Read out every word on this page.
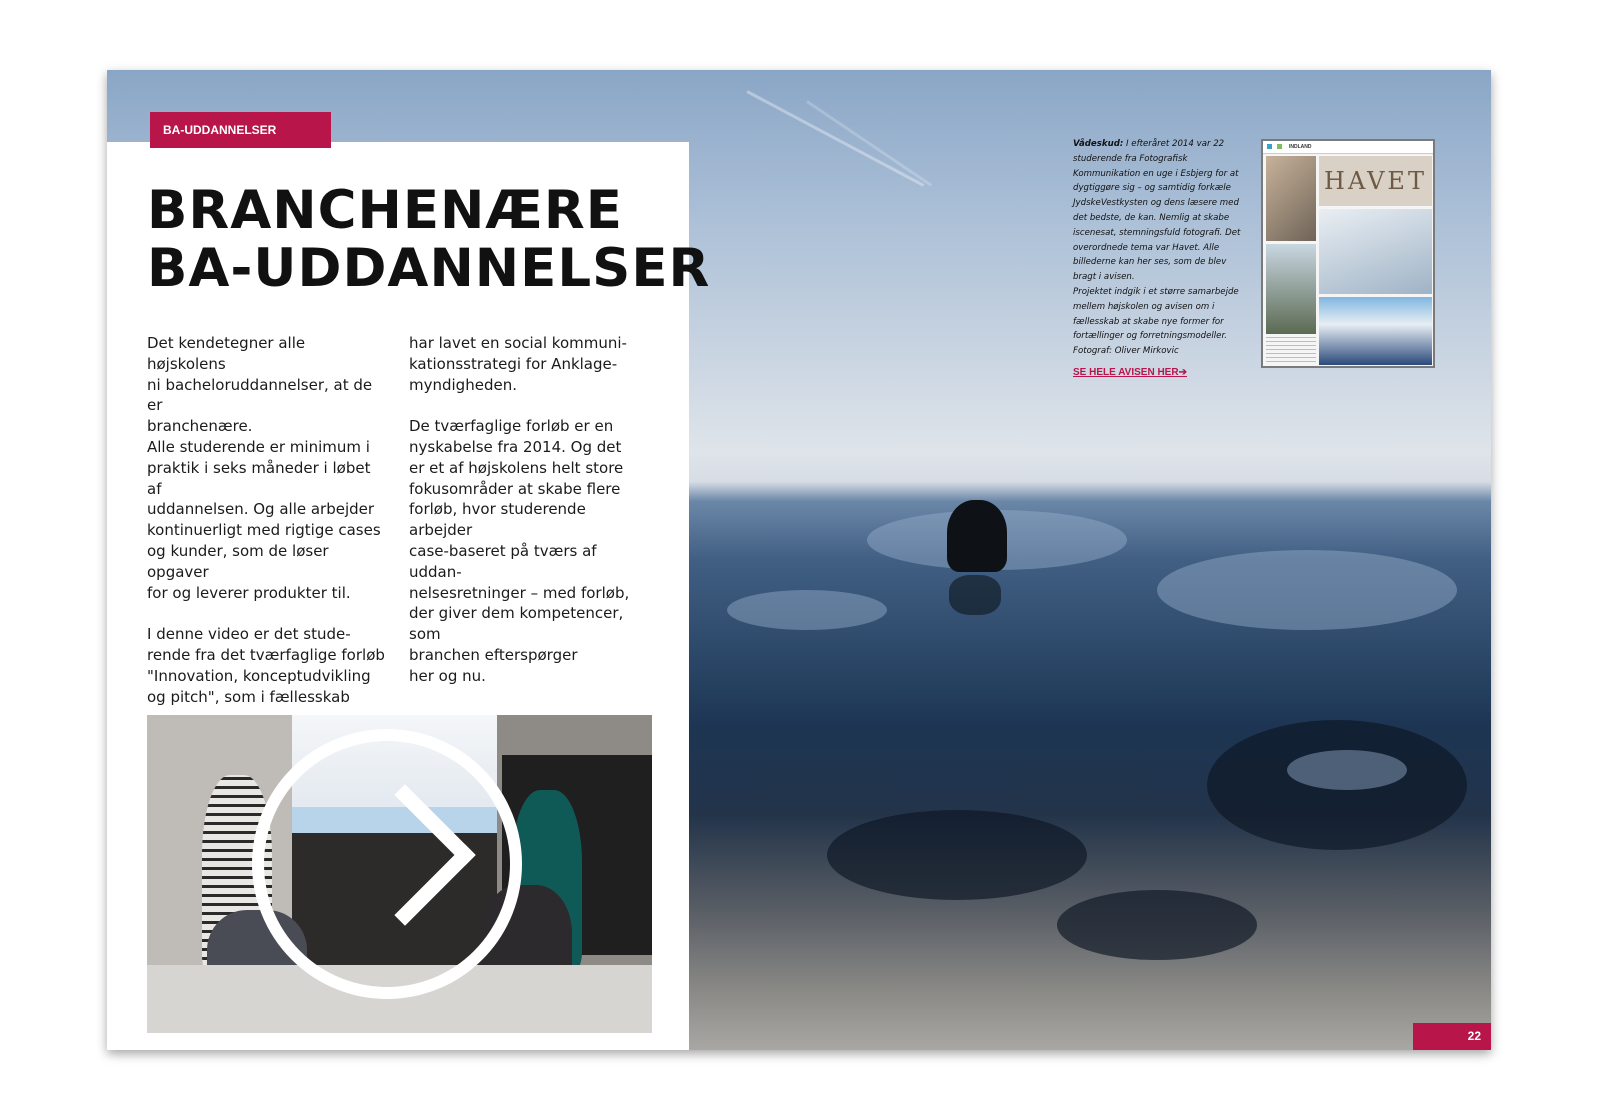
BRANCHENÆRE
BA-UDDANNELSER

Det kendetegner alle højskolens
ni bacheloruddannelser, at de er
branchenære.
Alle studerende er minimum i
praktik i seks måneder i løbet af
uddannelsen. Og alle arbejder
kontinuerligt med rigtige cases
og kunder, som de løser opgaver
for og leverer produkter til.

I denne video er det stude-
rende fra det tværfaglige forløb
"Innovation, konceptudvikling
og pitch", som i fællesskab

har lavet en social kommuni-
kationsstrategi for Anklage-
myndigheden.

De tværfaglige forløb er en
nyskabelse fra 2014. Og det
er et af højskolens helt store
fokusområder at skabe flere
forløb, hvor studerende arbejder
case-baseret på tværs af uddan-
nelsesretninger – med forløb,
der giver dem kompetencer, som
branchen efterspørger
her og nu.

BA-UDDANNELSER

Vådeskud: I efteråret 2014 var 22 studerende fra Fotografisk Kommunikation en uge i Esbjerg for at dygtiggøre sig – og samtidig forkæle JydskeVestkysten og dens læsere med det bedste, de kan. Nemlig at skabe iscenesat, stemningsfuld fotografi. Det overordnede tema var Havet. Alle billederne kan her ses, som de blev bragt i avisen.

Projektet indgik i et større samarbejde mellem højskolen og avisen om i fællesskab at skabe nye former for fortællinger og forretningsmodeller.

Fotograf: Oliver Mirkovic

SE HELE AVISEN HER➔
INDLAND
HAVET
22
